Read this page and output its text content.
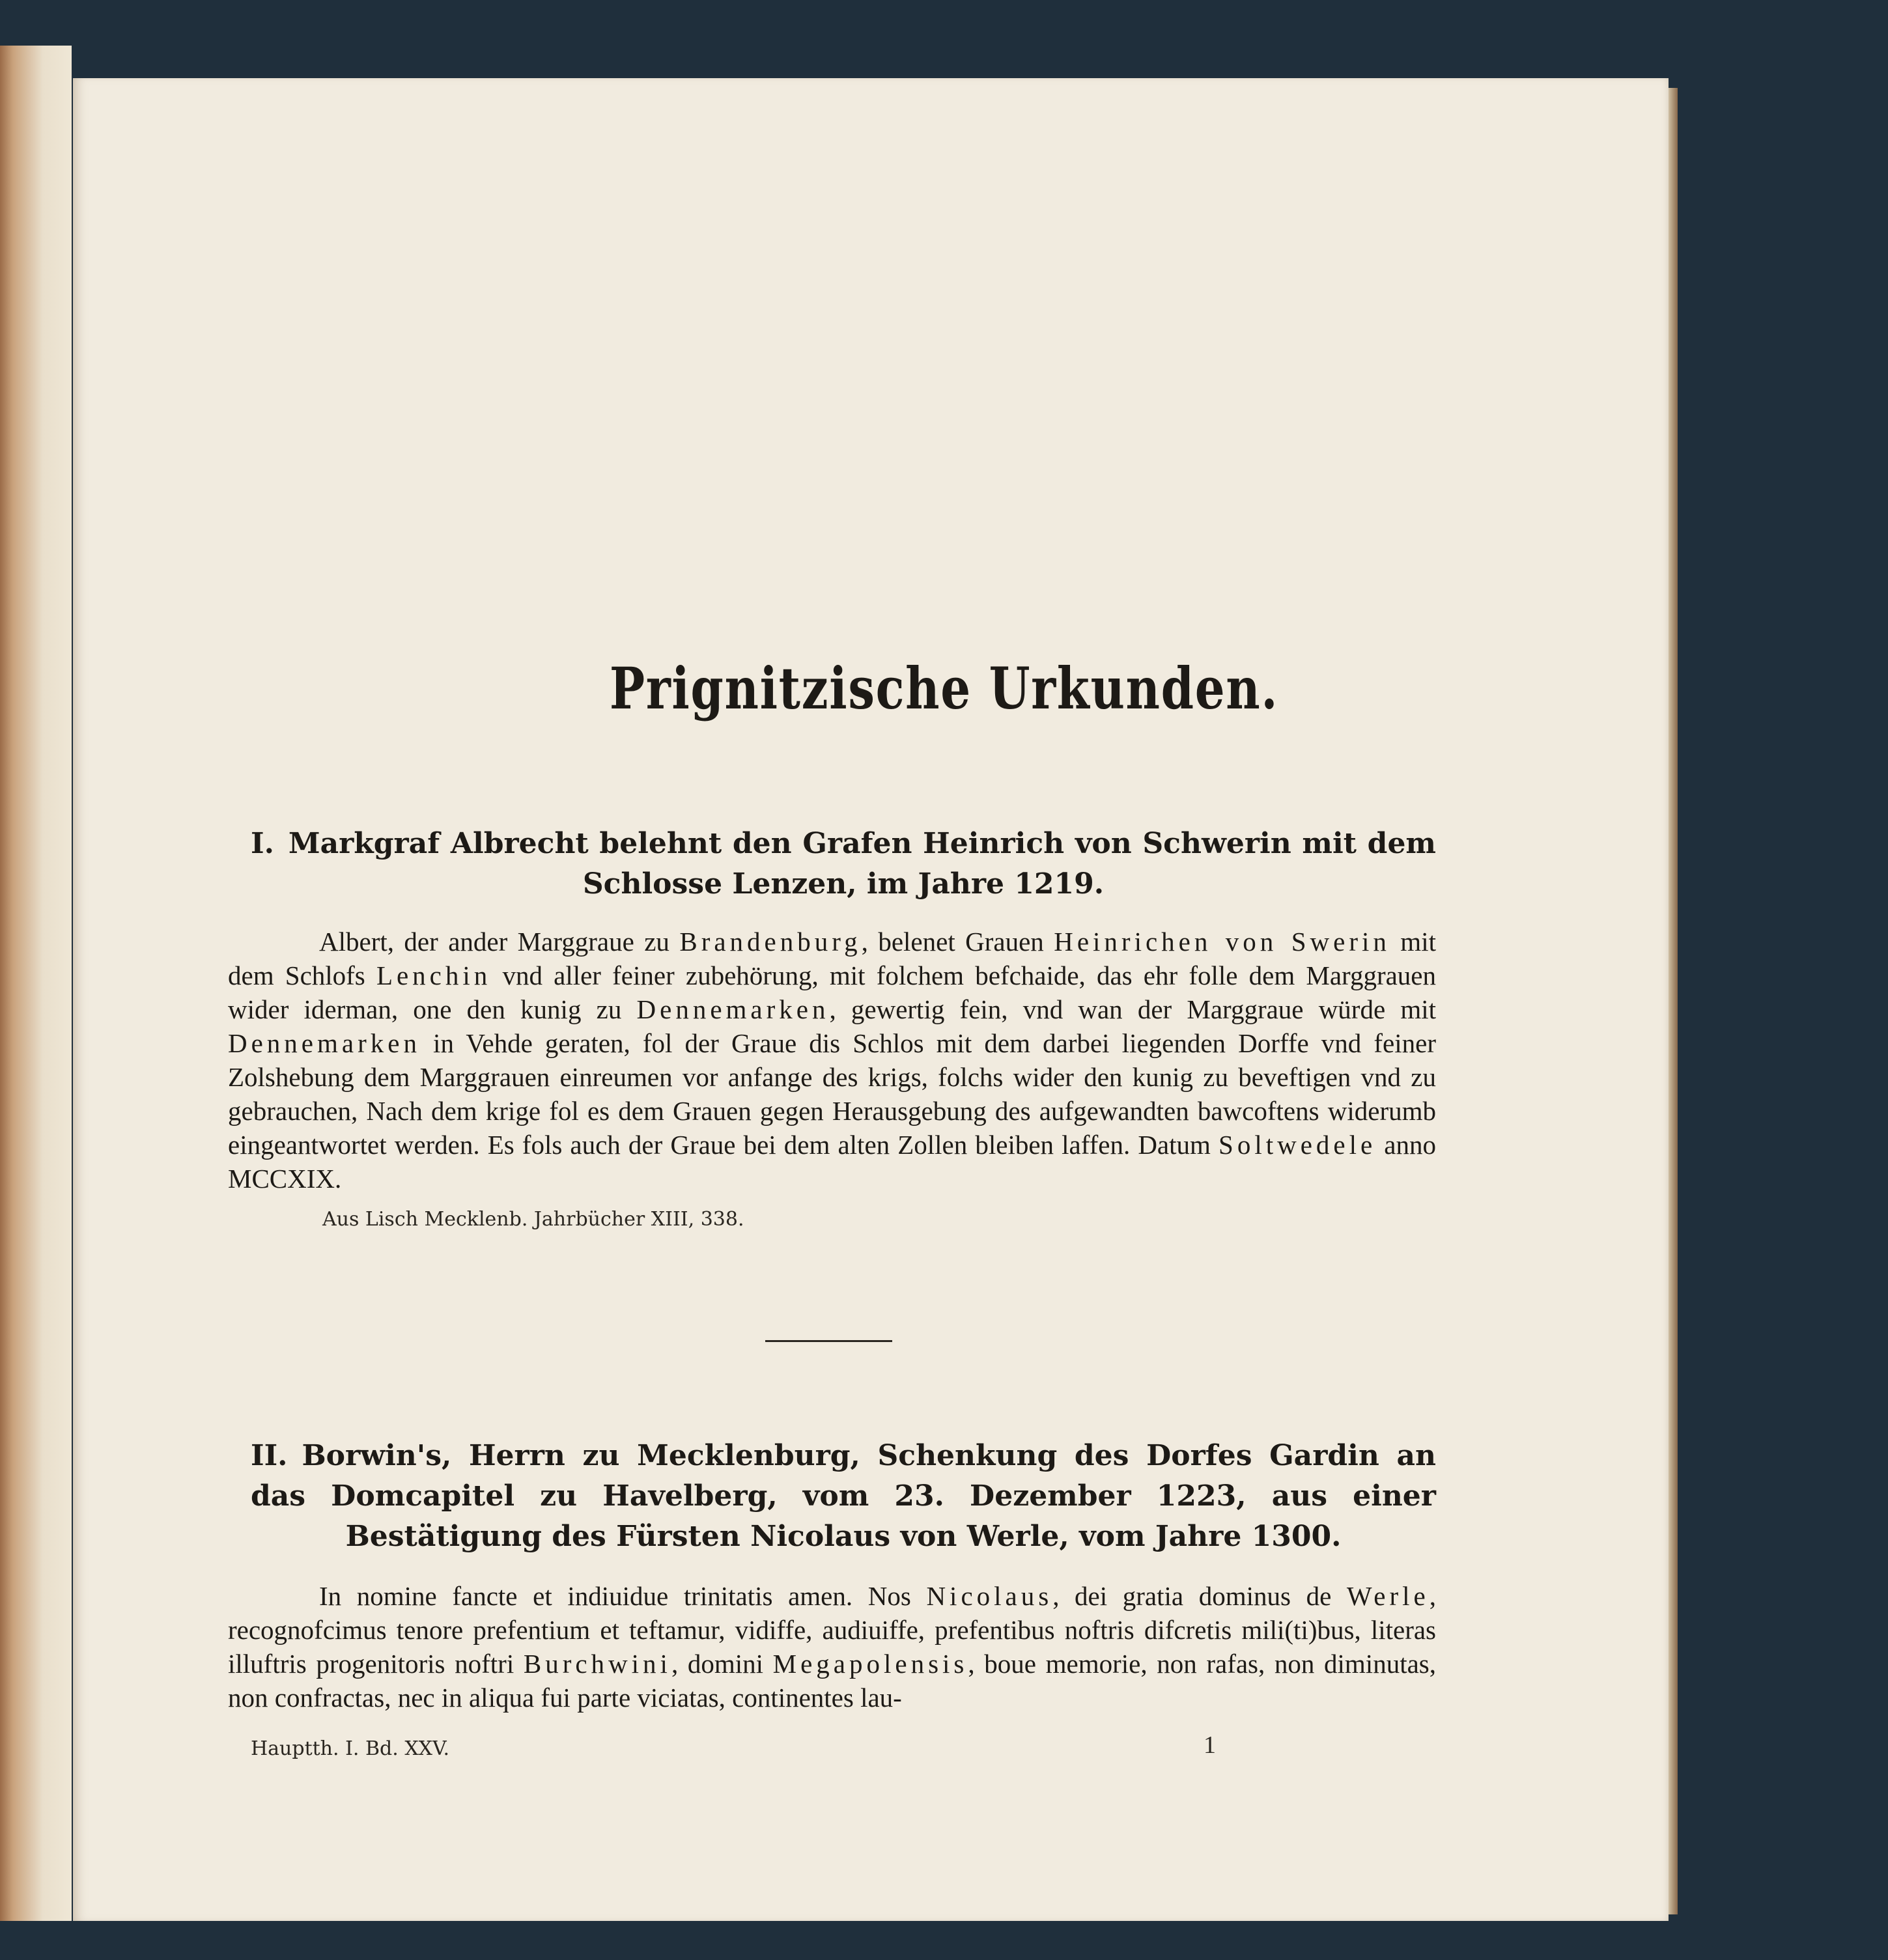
Prignitzische Urkunden.
I. Markgraf Albrecht belehnt den Grafen Heinrich von Schwerin mit dem Schlosse Lenzen, im Jahre 1219.
Albert, der ander Marggraue zu Brandenburg, belenet Grauen Heinrichen von Swerin mit dem Schlofs Lenchin vnd aller feiner zubehörung, mit folchem befchaide, das ehr folle dem Marggrauen wider iderman, one den kunig zu Dennemarken, gewertig fein, vnd wan der Marggraue würde mit Dennemarken in Vehde geraten, fol der Graue dis Schlos mit dem darbei liegenden Dorffe vnd feiner Zolshebung dem Marggrauen einreumen vor anfange des krigs, folchs wider den kunig zu beveftigen vnd zu gebrauchen, Nach dem krige fol es dem Grauen gegen Herausgebung des aufgewandten bawcoftens widerumb eingeantwortet werden. Es fols auch der Graue bei dem alten Zollen bleiben laffen. Datum Soltwedele anno MCCXIX.
Aus Lisch Mecklenb. Jahrbücher XIII, 338.
II. Borwin's, Herrn zu Mecklenburg, Schenkung des Dorfes Gardin an das Domcapitel zu Havelberg, vom 23. Dezember 1223, aus einer Bestätigung des Fürsten Nicolaus von Werle, vom Jahre 1300.
In nomine fancte et indiuidue trinitatis amen. Nos Nicolaus, dei gratia dominus de Werle, recognofcimus tenore prefentium et teftamur, vidiffe, audiuiffe, prefentibus noftris difcretis mili(ti)bus, literas illuftris progenitoris noftri Burchwini, domini Megapolensis, boue memorie, non rafas, non diminutas, non confractas, nec in aliqua fui parte viciatas, continentes lau-
Hauptth. I. Bd. XXV.	1
